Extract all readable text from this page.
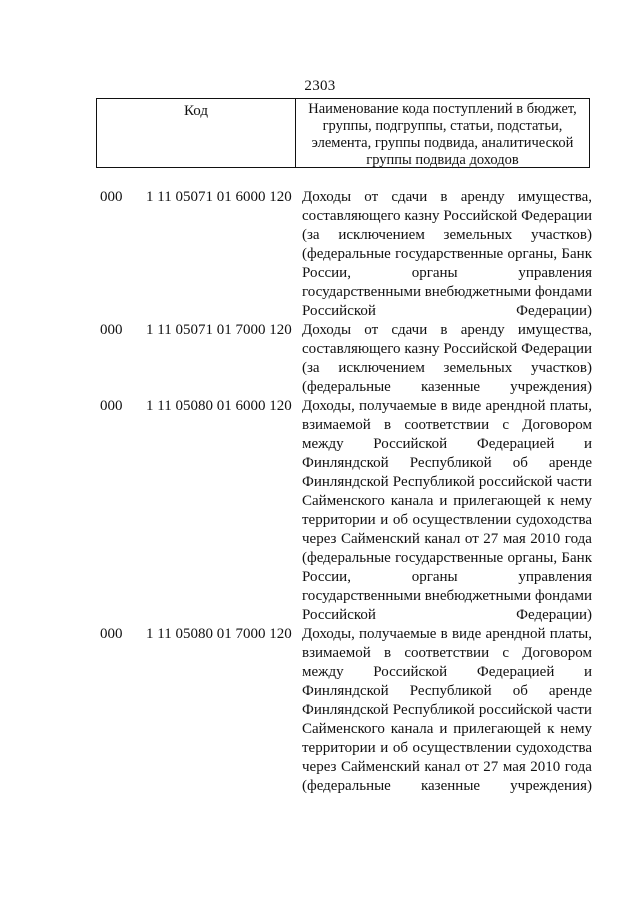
2303
Код	Наименование кода поступлений в бюджет,
группы, подгруппы, статьи, подстатьи,
элемента, группы подвида, аналитической
группы подвида доходов
000	1 11 05071 01 6000 120 Доходы от сдачи в аренду имущества,
составляющего казну Российской Федерации
(за исключением земельных участков)
(федеральные государственные органы, Банк
России,	органы	управления
государственными внебюджетными фондами
Российской Федерации)
000	1 11 05071 01 7000 120 Доходы от сдачи в аренду имущества,
составляющего казну Российской Федерации
(за исключением земельных участков)
(федеральные казенные учреждения)
000	1 11 05080 01 6000 120 Доходы, получаемые в виде арендной платы,
взимаемой в соответствии с Договором
между Российской Федерацией и
Финляндской Республикой об аренде
Финляндской Республикой российской части
Сайменского канала и прилегающей к нему
территории и об осуществлении судоходства
через Сайменский канал от 27 мая 2010 года
(федеральные государственные органы, Банк
России,	органы	управления
государственными внебюджетными фондами
Российской Федерации)
000	1 11 05080 01 7000 120 Доходы, получаемые в виде арендной платы,
взимаемой в соответствии с Договором
между Российской Федерацией и
Финляндской Республикой об аренде
Финляндской Республикой российской части
Сайменского канала и прилегающей к нему
территории и об осуществлении судоходства
через Сайменский канал от 27 мая 2010 года
(федеральные казенные учреждения)
